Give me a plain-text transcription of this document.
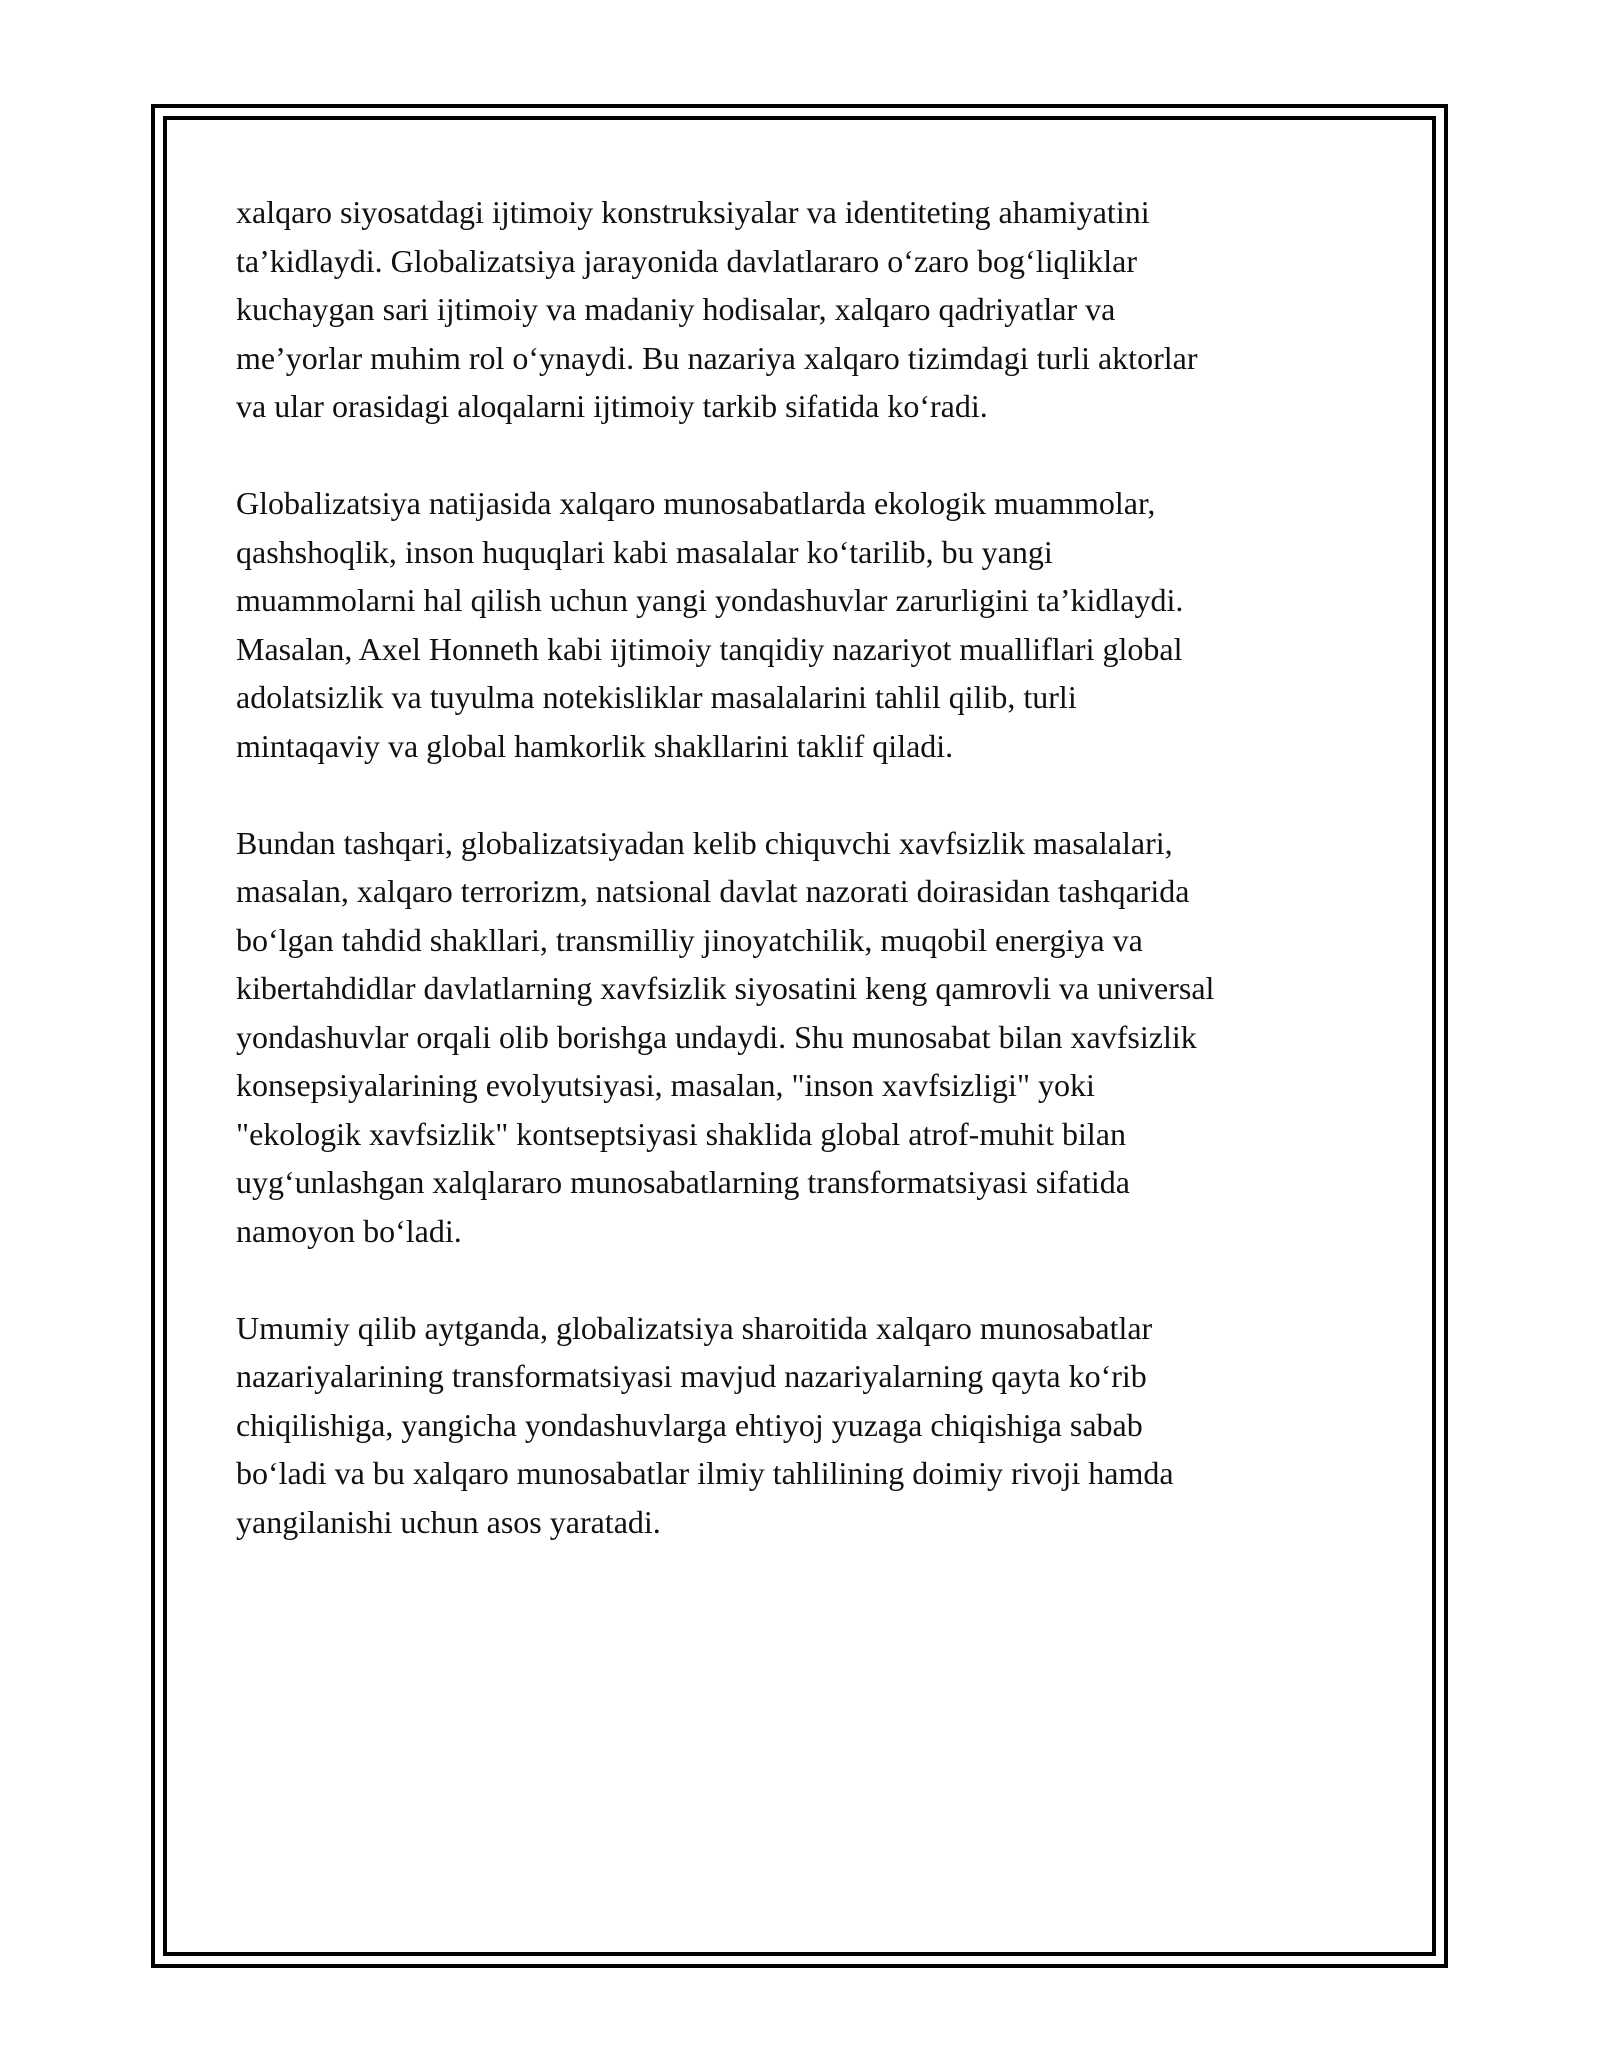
xalqaro siyosatdagi ijtimoiy konstruksiyalar va identiteting ahamiyatini
ta’kidlaydi. Globalizatsiya jarayonida davlatlararo oʻzaro bogʻliqliklar
kuchaygan sari ijtimoiy va madaniy hodisalar, xalqaro qadriyatlar va
me’yorlar muhim rol oʻynaydi. Bu nazariya xalqaro tizimdagi turli aktorlar
va ular orasidagi aloqalarni ijtimoiy tarkib sifatida koʻradi.

Globalizatsiya natijasida xalqaro munosabatlarda ekologik muammolar,
qashshoqlik, inson huquqlari kabi masalalar koʻtarilib, bu yangi
muammolarni hal qilish uchun yangi yondashuvlar zarurligini ta’kidlaydi.
Masalan, Axel Honneth kabi ijtimoiy tanqidiy nazariyot mualliflari global
adolatsizlik va tuyulma notekisliklar masalalarini tahlil qilib, turli
mintaqaviy va global hamkorlik shakllarini taklif qiladi.

Bundan tashqari, globalizatsiyadan kelib chiquvchi xavfsizlik masalalari,
masalan, xalqaro terrorizm, natsional davlat nazorati doirasidan tashqarida
boʻlgan tahdid shakllari, transmilliy jinoyatchilik, muqobil energiya va
kibertahdidlar davlatlarning xavfsizlik siyosatini keng qamrovli va universal
yondashuvlar orqali olib borishga undaydi. Shu munosabat bilan xavfsizlik
konsepsiyalarining evolyutsiyasi, masalan, "inson xavfsizligi" yoki
"ekologik xavfsizlik" kontseptsiyasi shaklida global atrof-muhit bilan
uygʻunlashgan xalqlararo munosabatlarning transformatsiyasi sifatida
namoyon boʻladi.

Umumiy qilib aytganda, globalizatsiya sharoitida xalqaro munosabatlar
nazariyalarining transformatsiyasi mavjud nazariyalarning qayta koʻrib
chiqilishiga, yangicha yondashuvlarga ehtiyoj yuzaga chiqishiga sabab
boʻladi va bu xalqaro munosabatlar ilmiy tahlilining doimiy rivoji hamda
yangilanishi uchun asos yaratadi.
